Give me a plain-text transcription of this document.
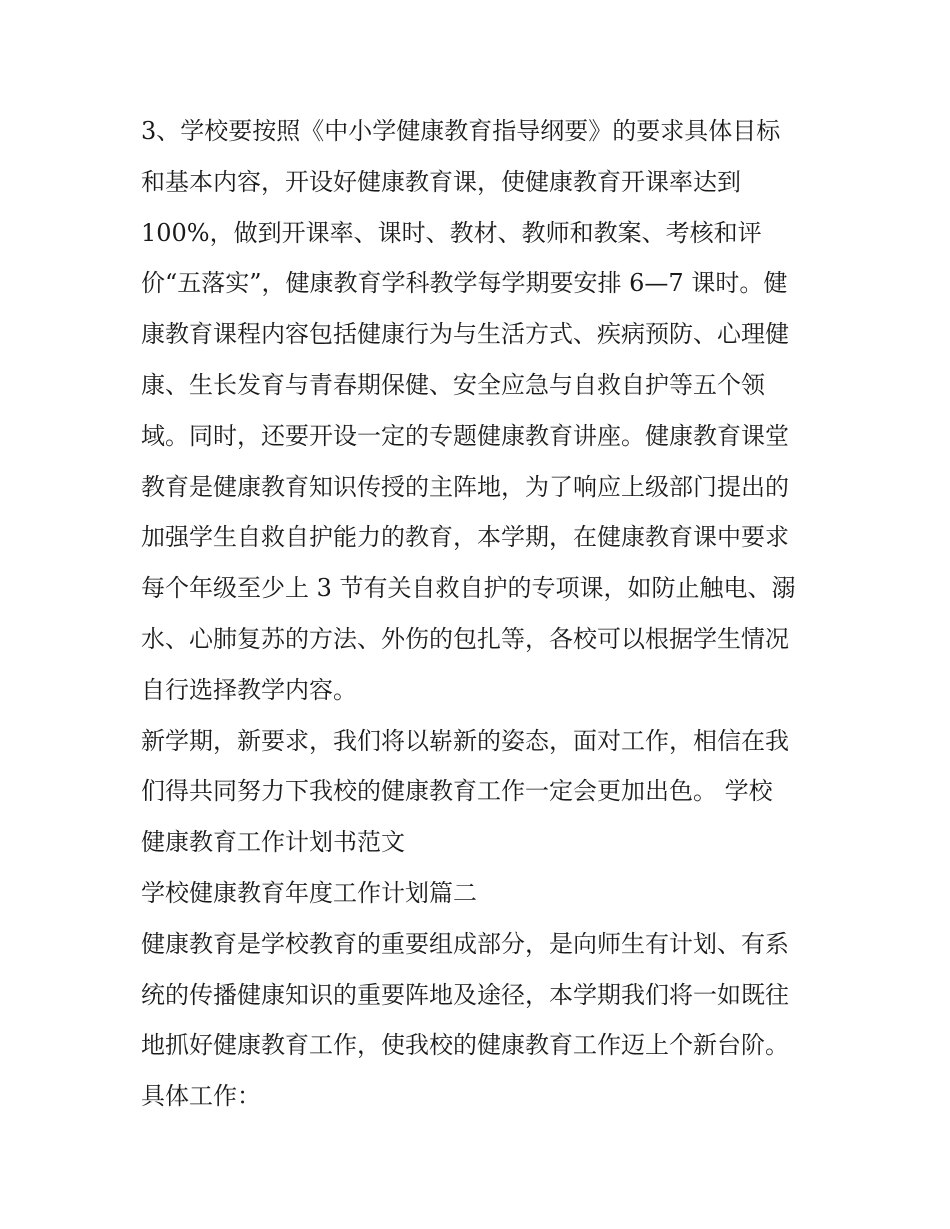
3、学校要按照《中小学健康教育指导纲要》的要求具体目标
和基本内容，开设好健康教育课，使健康教育开课率达到
100%，做到开课率、课时、教材、教师和教案、考核和评
价“五落实”，健康教育学科教学每学期要安排 6—7 课时。健
康教育课程内容包括健康行为与生活方式、疾病预防、心理健
康、生长发育与青春期保健、安全应急与自救自护等五个领
域。同时，还要开设一定的专题健康教育讲座。健康教育课堂
教育是健康教育知识传授的主阵地，为了响应上级部门提出的
加强学生自救自护能力的教育，本学期，在健康教育课中要求
每个年级至少上 3 节有关自救自护的专项课，如防止触电、溺
水、心肺复苏的方法、外伤的包扎等，各校可以根据学生情况
自行选择教学内容。
新学期，新要求，我们将以崭新的姿态，面对工作，相信在我
们得共同努力下我校的健康教育工作一定会更加出色。 学校
健康教育工作计划书范文
学校健康教育年度工作计划篇二
健康教育是学校教育的重要组成部分，是向师生有计划、有系
统的传播健康知识的重要阵地及途径，本学期我们将一如既往
地抓好健康教育工作，使我校的健康教育工作迈上个新台阶。
具体工作：
